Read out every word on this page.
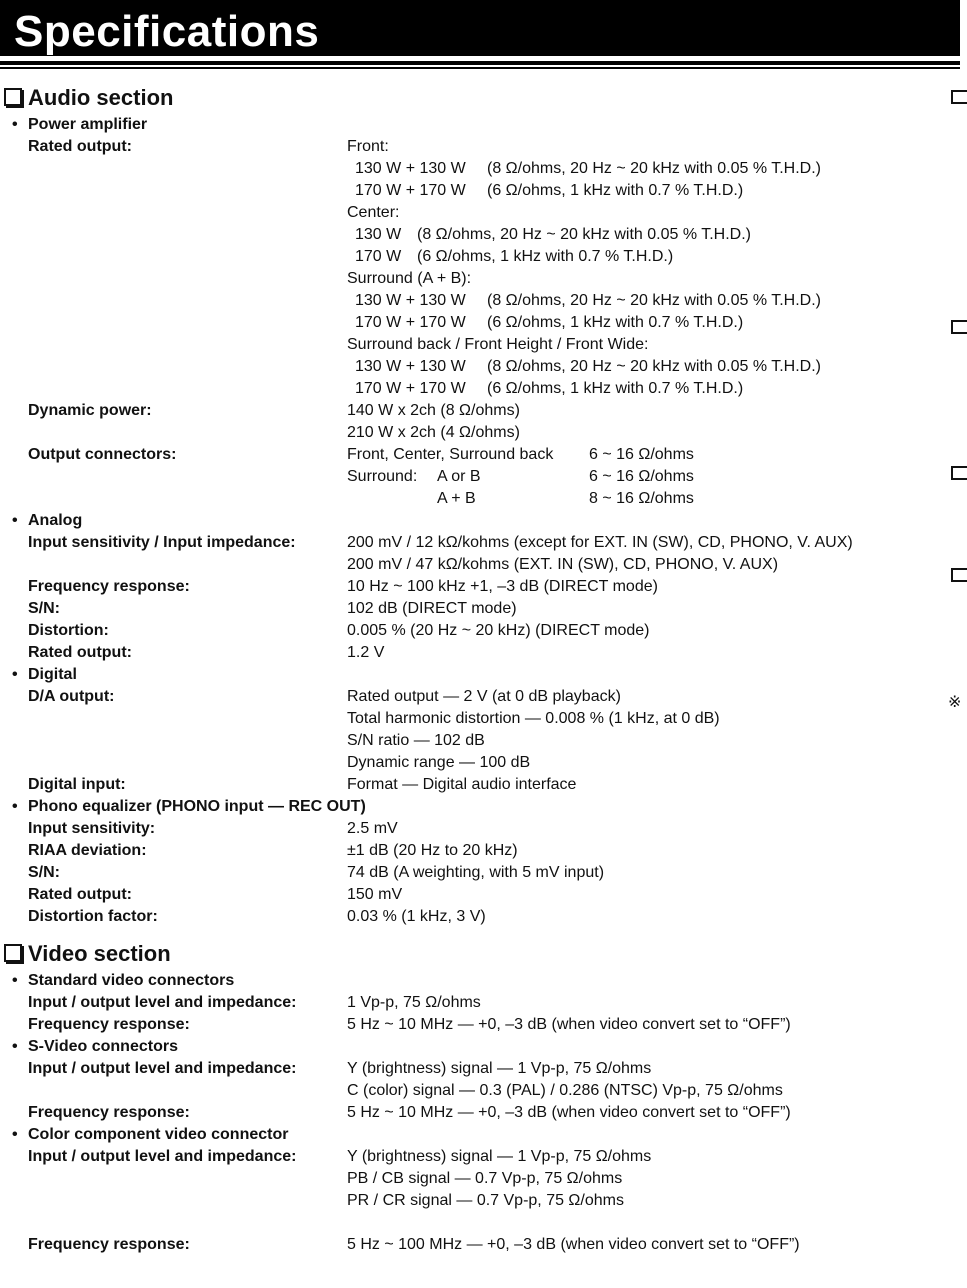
Specifications
Audio section
• Power amplifier
Rated output:	Front:
130 W + 130 W (8 Ω/ohms, 20 Hz ~ 20 kHz with 0.05 % T.H.D.)
170 W + 170 W (6 Ω/ohms, 1 kHz with 0.7 % T.H.D.)
Center:
130 W (8 Ω/ohms, 20 Hz ~ 20 kHz with 0.05 % T.H.D.)
170 W (6 Ω/ohms, 1 kHz with 0.7 % T.H.D.)
Surround (A + B):
130 W + 130 W (8 Ω/ohms, 20 Hz ~ 20 kHz with 0.05 % T.H.D.)
170 W + 170 W (6 Ω/ohms, 1 kHz with 0.7 % T.H.D.)
Surround back / Front Height / Front Wide:
130 W + 130 W (8 Ω/ohms, 20 Hz ~ 20 kHz with 0.05 % T.H.D.)
170 W + 170 W (6 Ω/ohms, 1 kHz with 0.7 % T.H.D.)
Dynamic power:	140 W x 2ch (8 Ω/ohms)
210 W x 2ch (4 Ω/ohms)
Output connectors:	Front, Center, Surround back 6 ~ 16 Ω/ohms
Surround: A or B	6 ~ 16 Ω/ohms
A + B	8 ~ 16 Ω/ohms
• Analog
Input sensitivity / Input impedance:	200 mV / 12 kΩ/kohms (except for EXT. IN (SW), CD, PHONO, V. AUX)
200 mV / 47 kΩ/kohms (EXT. IN (SW), CD, PHONO, V. AUX)
Frequency response:	10 Hz ~ 100 kHz +1, –3 dB (DIRECT mode)
S/N:	102 dB (DIRECT mode)
Distortion:	0.005 % (20 Hz ~ 20 kHz) (DIRECT mode)
Rated output:	1.2 V
• Digital
D/A output:	Rated output — 2 V (at 0 dB playback)
Total harmonic distortion — 0.008 % (1 kHz, at 0 dB)
S/N ratio — 102 dB
Dynamic range — 100 dB
Digital input:	Format — Digital audio interface
• Phono equalizer (PHONO input — REC OUT)
Input sensitivity:	2.5 mV
RIAA deviation:	±1 dB (20 Hz to 20 kHz)
S/N:	74 dB (A weighting, with 5 mV input)
Rated output:	150 mV
Distortion factor:	0.03 % (1 kHz, 3 V)
Video section
• Standard video connectors
Input / output level and impedance:	1 Vp-p, 75 Ω/ohms
Frequency response:	5 Hz ~ 10 MHz — +0, –3 dB (when video convert set to “OFF”)
• S-Video connectors
Input / output level and impedance:	Y (brightness) signal — 1 Vp-p, 75 Ω/ohms
C (color) signal — 0.3 (PAL) / 0.286 (NTSC) Vp-p, 75 Ω/ohms
Frequency response:	5 Hz ~ 10 MHz — +0, –3 dB (when video convert set to “OFF”)
• Color component video connector
Input / output level and impedance:	Y (brightness) signal — 1 Vp-p, 75 Ω/ohms
PB / CB signal — 0.7 Vp-p, 75 Ω/ohms
PR / CR signal — 0.7 Vp-p, 75 Ω/ohms
Frequency response:	5 Hz ~ 100 MHz — +0, –3 dB (when video convert set to “OFF”)
※
